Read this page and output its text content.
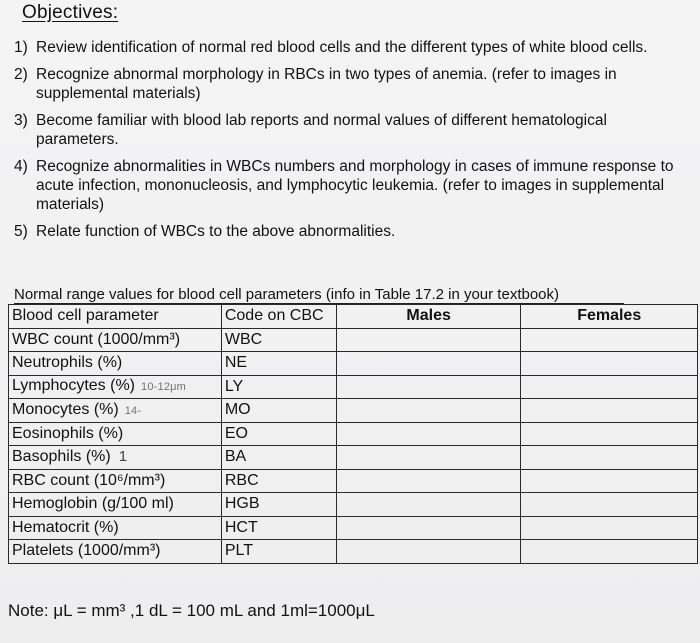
Objectives:
1) Review identification of normal red blood cells and the different types of white blood cells.
2) Recognize abnormal morphology in RBCs in two types of anemia. (refer to images in supplemental materials)
3) Become familiar with blood lab reports and normal values of different hematological parameters.
4) Recognize abnormalities in WBCs numbers and morphology in cases of immune response to acute infection, mononucleosis, and lymphocytic leukemia. (refer to images in supplemental materials)
5) Relate function of WBCs to the above abnormalities.
Normal range values for blood cell parameters (info in Table 17.2 in your textbook)
Blood cell parameter	Code on CBC	Males	Females
WBC count (1000/mm³)	WBC		
Neutrophils (%)	NE		
Lymphocytes (%) 10-12μm	LY		
Monocytes (%) 14-	MO		
Eosinophils (%)	EO		
Basophils (%) 1	BA		
RBC count (10⁶/mm³)	RBC		
Hemoglobin (g/100 ml)	HGB		
Hematocrit (%)	HCT		
Platelets (1000/mm³)	PLT		
Note: μL = mm³ ,1 dL = 100 mL and 1ml=1000μL
